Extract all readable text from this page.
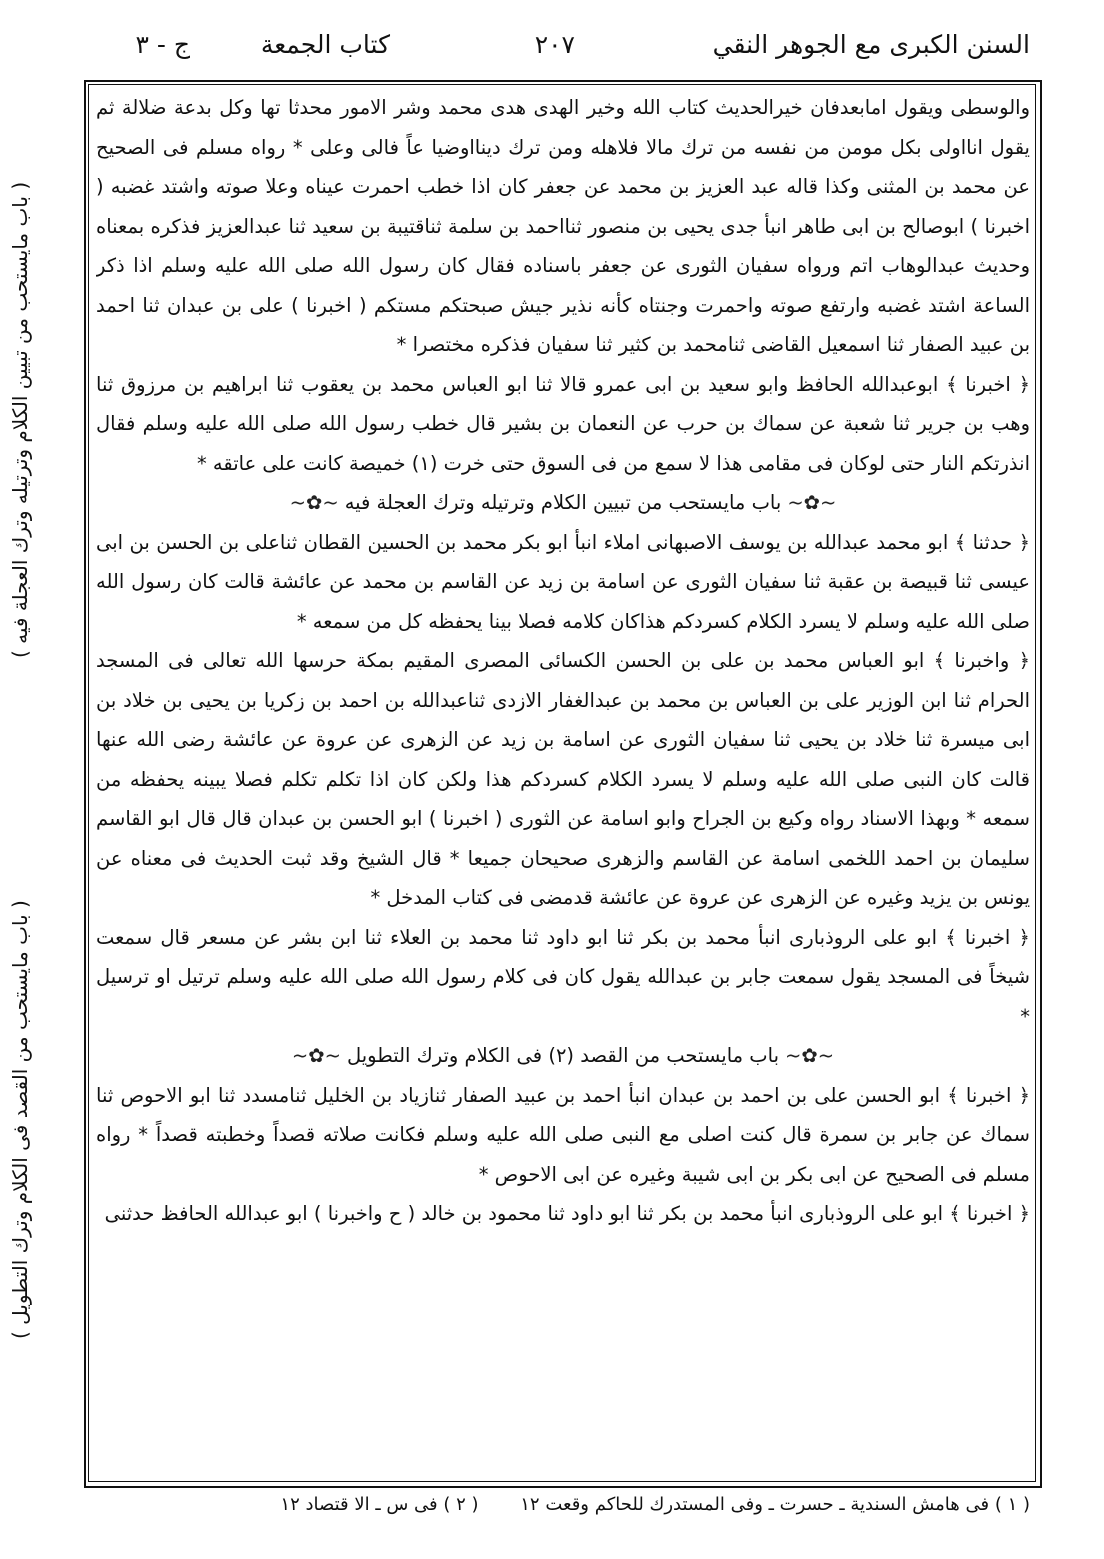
السنن الكبرى مع الجوهر النقي
٢٠٧
كتاب الجمعة
ج - ٣

والوسطى ويقول امابعدفان خيرالحديث كتاب الله وخير الهدى هدى محمد وشر الامور محدثا تها وكل بدعة ضلالة ثم يقول انااولى بكل مومن من نفسه من ترك مالا فلاهله ومن ترك دينااوضيا عاً فالى وعلى * رواه مسلم فى الصحيح عن محمد بن المثنى وكذا قاله عبد العزيز بن محمد عن جعفر كان اذا خطب احمرت عيناه وعلا صوته واشتد غضبه ( اخبرنا ) ابوصالح بن ابى طاهر انبأ جدى يحيى بن منصور ثنااحمد بن سلمة ثناقتيبة بن سعيد ثنا عبدالعزيز فذكره بمعناه وحديث عبدالوهاب اتم ورواه سفيان الثورى عن جعفر باسناده فقال كان رسول الله صلى الله عليه وسلم اذا ذكر الساعة اشتد غضبه وارتفع صوته واحمرت وجنتاه كأنه نذير جيش صبحتكم مستكم ( اخبرنا ) على بن عبدان ثنا احمد بن عبيد الصفار ثنا اسمعيل القاضى ثنامحمد بن كثير ثنا سفيان فذكره مختصرا *

﴿ اخبرنا ﴾ ابوعبدالله الحافظ وابو سعيد بن ابى عمرو قالا ثنا ابو العباس محمد بن يعقوب ثنا ابراهيم بن مرزوق ثنا وهب بن جرير ثنا شعبة عن سماك بن حرب عن النعمان بن بشير قال خطب رسول الله صلى الله عليه وسلم فقال انذرتكم النار حتى لوكان فى مقامى هذا لا سمع من فى السوق حتى خرت (١) خميصة كانت على عاتقه *

~✿~باب مايستحب من تبيين الكلام وترتيله وترك العجلة فيه~✿~

﴿ حدثنا ﴾ ابو محمد عبدالله بن يوسف الاصبهانى املاء انبأ ابو بكر محمد بن الحسين القطان ثناعلى بن الحسن بن ابى عيسى ثنا قبيصة بن عقبة ثنا سفيان الثورى عن اسامة بن زيد عن القاسم بن محمد عن عائشة قالت كان رسول الله صلى الله عليه وسلم لا يسرد الكلام كسردكم هذاكان كلامه فصلا بينا يحفظه كل من سمعه *

﴿ واخبرنا ﴾ ابو العباس محمد بن على بن الحسن الكسائى المصرى المقيم بمكة حرسها الله تعالى فى المسجد الحرام ثنا ابن الوزير على بن العباس بن محمد بن عبدالغفار الازدى ثناعبدالله بن احمد بن زكريا بن يحيى بن خلاد بن ابى ميسرة ثنا خلاد بن يحيى ثنا سفيان الثورى عن اسامة بن زيد عن الزهرى عن عروة عن عائشة رضى الله عنها قالت كان النبى صلى الله عليه وسلم لا يسرد الكلام كسردكم هذا ولكن كان اذا تكلم تكلم فصلا يبينه يحفظه من سمعه * وبهذا الاسناد رواه وكيع بن الجراح وابو اسامة عن الثورى ( اخبرنا ) ابو الحسن بن عبدان قال قال ابو القاسم سليمان بن احمد اللخمى اسامة عن القاسم والزهرى صحيحان جميعا * قال الشيخ وقد ثبت الحديث فى معناه عن يونس بن يزيد وغيره عن الزهرى عن عروة عن عائشة قدمضى فى كتاب المدخل *

﴿ اخبرنا ﴾ ابو على الروذبارى انبأ محمد بن بكر ثنا ابو داود ثنا محمد بن العلاء ثنا ابن بشر عن مسعر قال سمعت شيخاً فى المسجد يقول سمعت جابر بن عبدالله يقول كان فى كلام رسول الله صلى الله عليه وسلم ترتيل او ترسيل *

~✿~باب مايستحب من القصد (٢) فى الكلام وترك التطويل~✿~

﴿ اخبرنا ﴾ ابو الحسن على بن احمد بن عبدان انبأ احمد بن عبيد الصفار ثنازياد بن الخليل ثنامسدد ثنا ابو الاحوص ثنا سماك عن جابر بن سمرة قال كنت اصلى مع النبى صلى الله عليه وسلم فكانت صلاته قصداً وخطبته قصداً * رواه مسلم فى الصحيح عن ابى بكر بن ابى شيبة وغيره عن ابى الاحوص *

﴿ اخبرنا ﴾ ابو على الروذبارى انبأ محمد بن بكر ثنا ابو داود ثنا محمود بن خالد ( ح واخبرنا ) ابو عبدالله الحافظ حدثنى

( باب مايستحب من تبيين الكلام وترتيله وترك العجلة فيه )
( باب مايستحب من القصد فى الكلام وترك التطويل )
( ١ ) فى هامش السندية ـ حسرت ـ وفى المستدرك للحاكم وقعت ١٢ ( ٢ ) فى س ـ الا قتصاد ١٢
